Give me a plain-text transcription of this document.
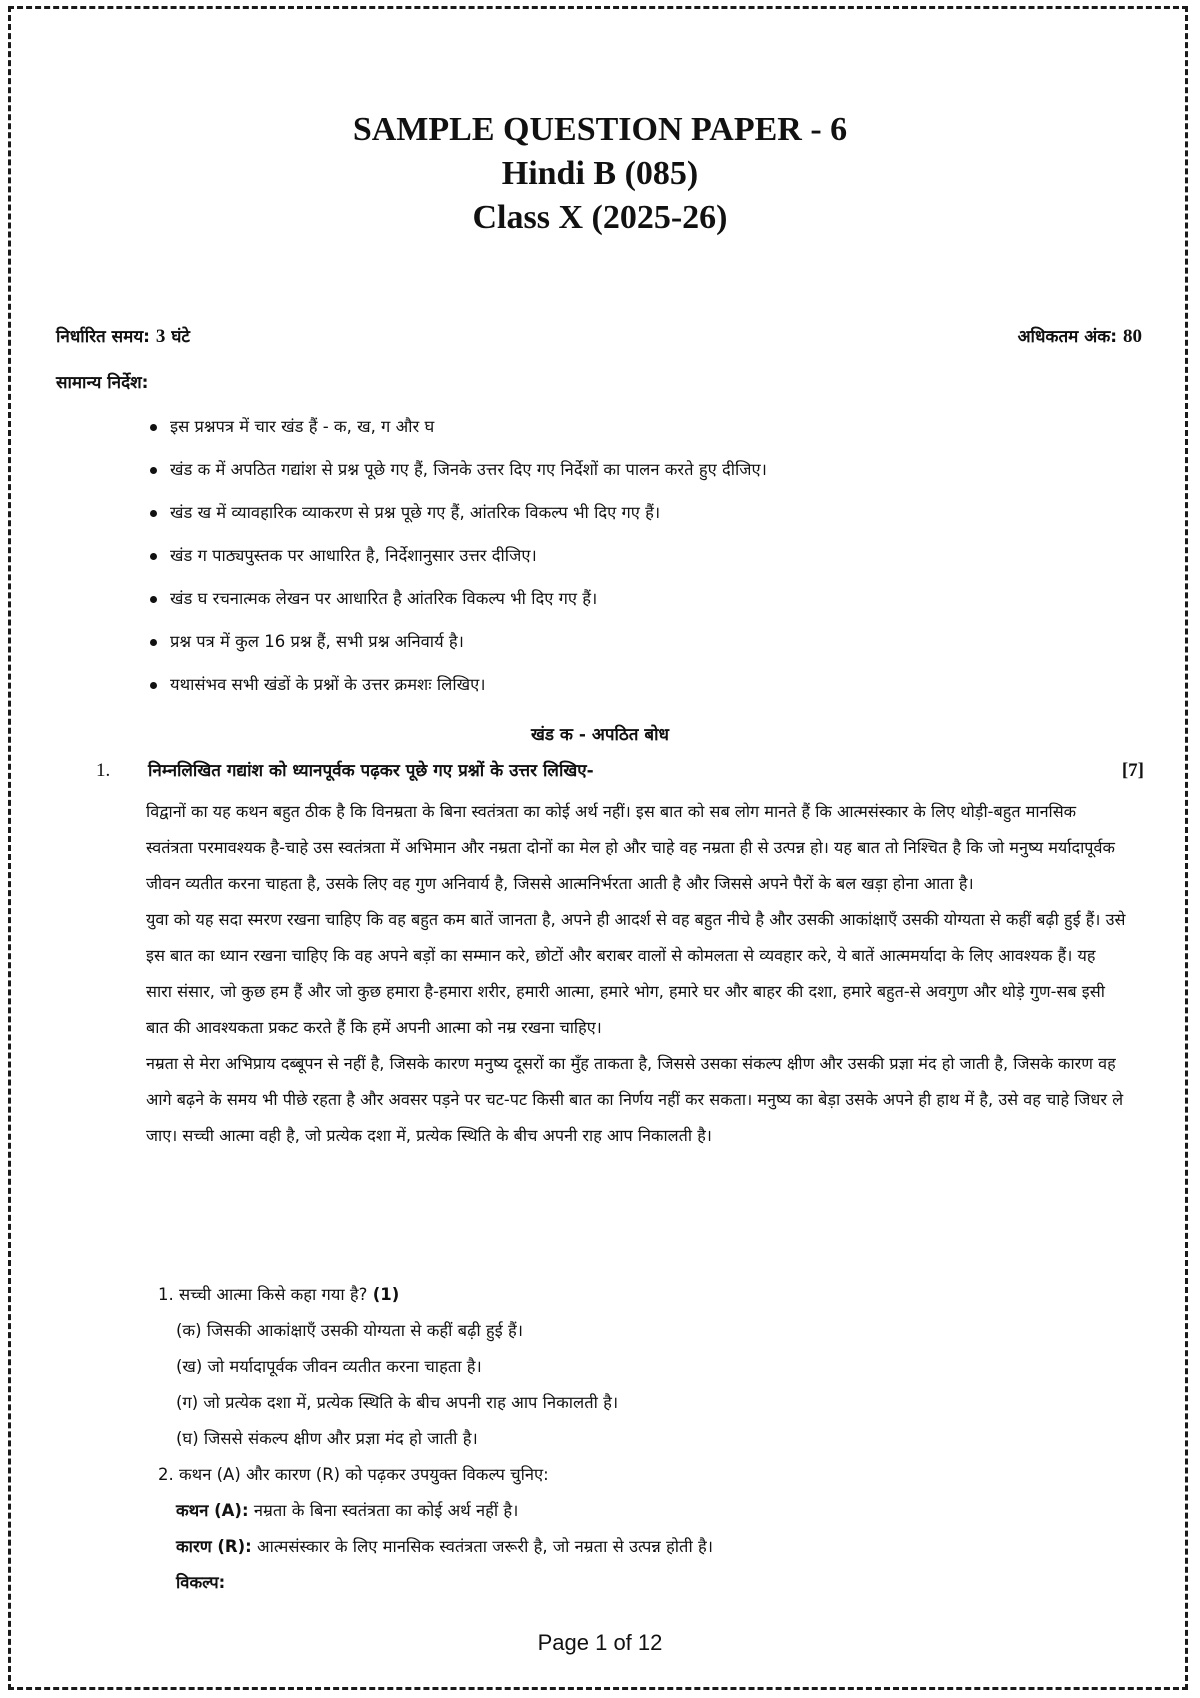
SAMPLE QUESTION PAPER - 6
Hindi B (085)
Class X (2025-26)
निर्धारित समय: 3 घंटे	अधिकतम अंक: 80
सामान्य निर्देश:
इस प्रश्नपत्र में चार खंड हैं - क, ख, ग और घ
खंड क में अपठित गद्यांश से प्रश्न पूछे गए हैं, जिनके उत्तर दिए गए निर्देशों का पालन करते हुए दीजिए।
खंड ख में व्यावहारिक व्याकरण से प्रश्न पूछे गए हैं, आंतरिक विकल्प भी दिए गए हैं।
खंड ग पाठ्यपुस्तक पर आधारित है, निर्देशानुसार उत्तर दीजिए।
खंड घ रचनात्मक लेखन पर आधारित है आंतरिक विकल्प भी दिए गए हैं।
प्रश्न पत्र में कुल 16 प्रश्न हैं, सभी प्रश्न अनिवार्य है।
यथासंभव सभी खंडों के प्रश्नों के उत्तर क्रमशः लिखिए।
खंड क - अपठित बोध
1. निम्नलिखित गद्यांश को ध्यानपूर्वक पढ़कर पूछे गए प्रश्नों के उत्तर लिखिए-	[7]

विद्वानों का यह कथन बहुत ठीक है कि विनम्रता के बिना स्वतंत्रता का कोई अर्थ नहीं। इस बात को सब लोग मानते हैं कि आत्मसंस्कार के लिए थोड़ी-बहुत मानसिक स्वतंत्रता परमावश्यक है-चाहे उस स्वतंत्रता में अभिमान और नम्रता दोनों का मेल हो और चाहे वह नम्रता ही से उत्पन्न हो। यह बात तो निश्चित है कि जो मनुष्य मर्यादापूर्वक जीवन व्यतीत करना चाहता है, उसके लिए वह गुण अनिवार्य है, जिससे आत्मनिर्भरता आती है और जिससे अपने पैरों के बल खड़ा होना आता है।

युवा को यह सदा स्मरण रखना चाहिए कि वह बहुत कम बातें जानता है, अपने ही आदर्श से वह बहुत नीचे है और उसकी आकांक्षाएँ उसकी योग्यता से कहीं बढ़ी हुई हैं। उसे इस बात का ध्यान रखना चाहिए कि वह अपने बड़ों का सम्मान करे, छोटों और बराबर वालों से कोमलता से व्यवहार करे, ये बातें आत्ममर्यादा के लिए आवश्यक हैं। यह सारा संसार, जो कुछ हम हैं और जो कुछ हमारा है-हमारा शरीर, हमारी आत्मा, हमारे भोग, हमारे घर और बाहर की दशा, हमारे बहुत-से अवगुण और थोड़े गुण-सब इसी बात की आवश्यकता प्रकट करते हैं कि हमें अपनी आत्मा को नम्र रखना चाहिए।

नम्रता से मेरा अभिप्राय दब्बूपन से नहीं है, जिसके कारण मनुष्य दूसरों का मुँह ताकता है, जिससे उसका संकल्प क्षीण और उसकी प्रज्ञा मंद हो जाती है, जिसके कारण वह आगे बढ़ने के समय भी पीछे रहता है और अवसर पड़ने पर चट-पट किसी बात का निर्णय नहीं कर सकता। मनुष्य का बेड़ा उसके अपने ही हाथ में है, उसे वह चाहे जिधर ले जाए। सच्ची आत्मा वही है, जो प्रत्येक दशा में, प्रत्येक स्थिति के बीच अपनी राह आप निकालती है।

1. सच्ची आत्मा किसे कहा गया है? (1)
(क) जिसकी आकांक्षाएँ उसकी योग्यता से कहीं बढ़ी हुई हैं।
(ख) जो मर्यादापूर्वक जीवन व्यतीत करना चाहता है।
(ग) जो प्रत्येक दशा में, प्रत्येक स्थिति के बीच अपनी राह आप निकालती है।
(घ) जिससे संकल्प क्षीण और प्रज्ञा मंद हो जाती है।
2. कथन (A) और कारण (R) को पढ़कर उपयुक्त विकल्प चुनिए:
कथन (A): नम्रता के बिना स्वतंत्रता का कोई अर्थ नहीं है।
कारण (R): आत्मसंस्कार के लिए मानसिक स्वतंत्रता जरूरी है, जो नम्रता से उत्पन्न होती है।
विकल्प:
Page 1 of 12
